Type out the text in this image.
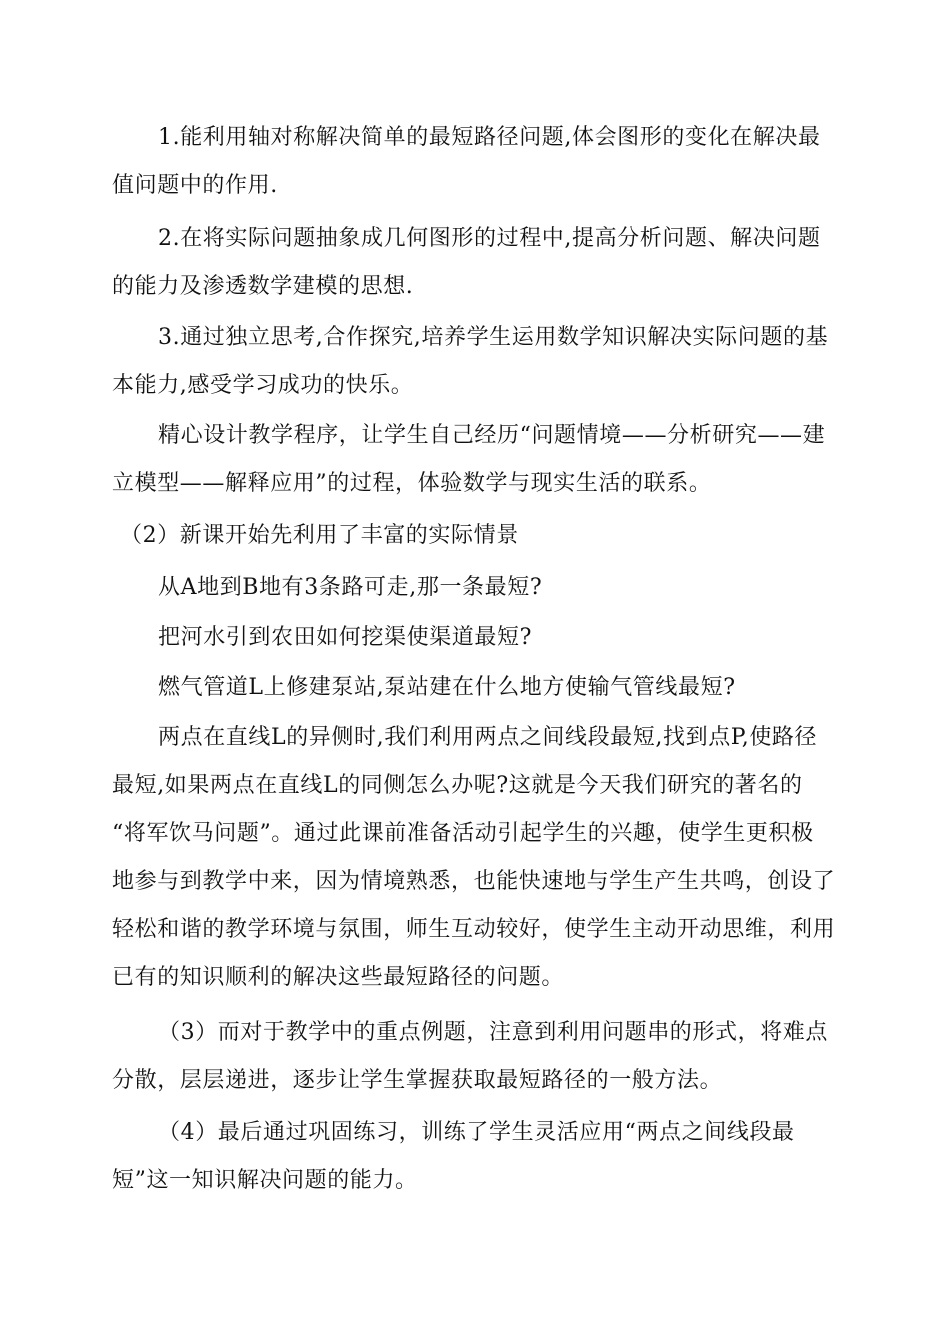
1.能利用轴对称解决简单的最短路径问题,体会图形的变化在解决最
值问题中的作用.

2.在将实际问题抽象成几何图形的过程中,提高分析问题、解决问题
的能力及渗透数学建模的思想.

3.通过独立思考,合作探究,培养学生运用数学知识解决实际问题的基
本能力,感受学习成功的快乐。

精心设计教学程序，让学生自己经历“问题情境——分析研究——建
立模型——解释应用”的过程，体验数学与现实生活的联系。

（2）新课开始先利用了丰富的实际情景

从A地到B地有3条路可走,那一条最短?

把河水引到农田如何挖渠使渠道最短?

燃气管道L上修建泵站,泵站建在什么地方使输气管线最短?

两点在直线L的异侧时,我们利用两点之间线段最短,找到点P,使路径
最短,如果两点在直线L的同侧怎么办呢?这就是今天我们研究的著名的
“将军饮马问题”。通过此课前准备活动引起学生的兴趣，使学生更积极
地参与到教学中来，因为情境熟悉，也能快速地与学生产生共鸣，创设了
轻松和谐的教学环境与氛围，师生互动较好，使学生主动开动思维，利用
已有的知识顺利的解决这些最短路径的问题。

（3）而对于教学中的重点例题，注意到利用问题串的形式，将难点
分散，层层递进，逐步让学生掌握获取最短路径的一般方法。

（4）最后通过巩固练习，训练了学生灵活应用“两点之间线段最
短”这一知识解决问题的能力。
